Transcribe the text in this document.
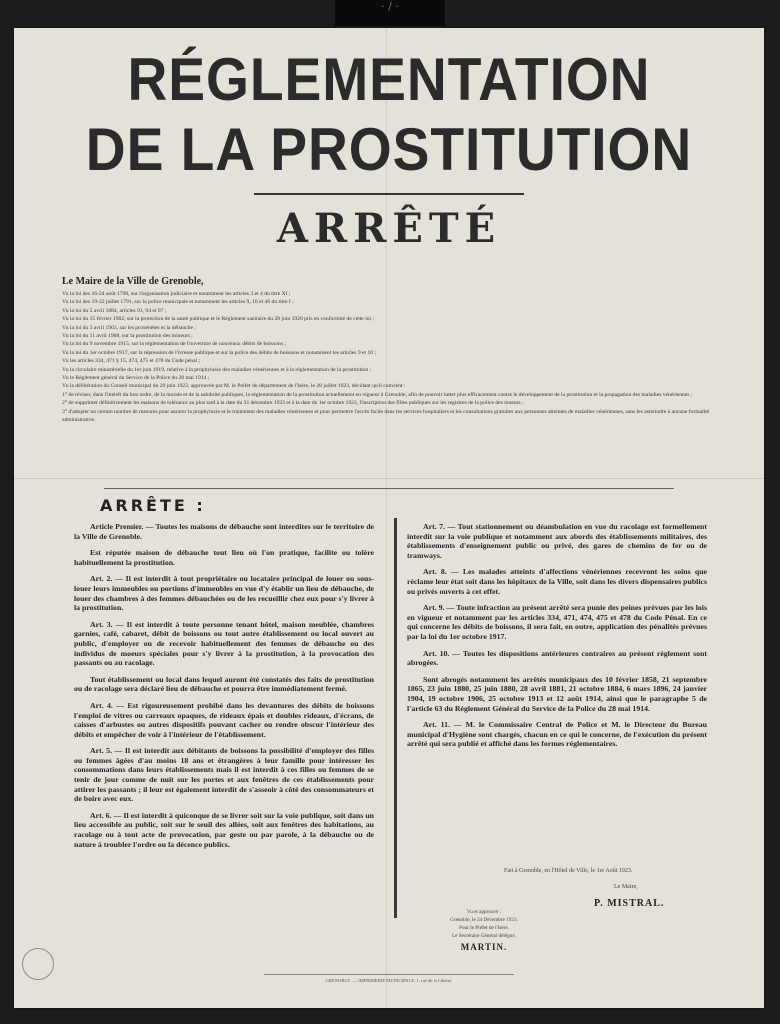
· / ·
RÉGLEMENTATION
DE LA PROSTITUTION
ARRÊTÉ
Le Maire de la Ville de Grenoble,
Vu la loi des 16-24 août 1790, sur l'organisation judiciaire et notamment les articles 3 et 4 du titre XI ;
Vu la loi des 19-22 juillet 1791, sur la police municipale et notamment les articles 9, 10 et 46 du titre I ;
Vu la loi du 5 avril 1884, articles 91, 94 et 97 ;
Vu la loi du 15 février 1902, sur la protection de la santé publique et le Règlement sanitaire du 28 juin 1920 pris en conformité de cette loi ;
Vu la loi du 3 avril 1903, sur les proxénètes et la débauche ;
Vu la loi du 11 avril 1908, sur la prostitution des mineurs ;
Vu la loi du 9 novembre 1915, sur la réglementation de l'ouverture de nouveaux débits de boissons ;
Vu la loi du 1er octobre 1917, sur la répression de l'ivresse publique et sur la police des débits de boissons et notamment les articles 9 et 10 ;
Vu les articles 334, 471 § 15, 474, 475 et 478 du Code pénal ;
Vu la circulaire ministérielle du 1er juin 1919, relative à la prophylaxie des maladies vénériennes et à la réglementation de la prostitution ;
Vu le Règlement général du Service de la Police du 28 mai 1914 ;
Vu la délibération du Conseil municipal du 29 juin 1923, approuvée par M. le Préfet du département de l'Isère, le 28 juillet 1923, décidant qu'il convient :
1° de réviser, dans l'intérêt du bon ordre, de la morale et de la salubrité publiques, la réglementation de la prostitution actuellement en vigueur à Grenoble, afin de pouvoir lutter plus efficacement contre le développement de la prostitution et la propagation des maladies vénériennes ;
2° de supprimer définitivement les maisons de tolérance au plus tard à la date du 31 décembre 1923 et à la date du 1er octobre 1923, l'inscription des filles publiques sur les registres de la police des moeurs ;
3° d'adopter un certain nombre de mesures pour assurer la prophylaxie et le traitement des maladies vénériennes et pour permettre l'accès facile dans les services hospitaliers et les consultations gratuites aux personnes atteintes de maladies vénériennes, sans les astreindre à aucune formalité administrative.
ARRÊTE :
Article Premier. — Toutes les maisons de débauche sont interdites sur le territoire de la Ville de Grenoble.
Est réputée maison de débauche tout lieu où l'on pratique, facilite ou tolère habituellement la prostitution.
Art. 2. — Il est interdit à tout propriétaire ou locataire principal de louer ou sous-louer leurs immeubles ou portions d'immeubles en vue d'y établir un lieu de débauche, de louer des chambres à des femmes débauchées ou de les recueillir chez eux pour s'y livrer à la prostitution.
Art. 3. — Il est interdit à toute personne tenant hôtel, maison meublée, chambres garnies, café, cabaret, débit de boissons ou tout autre établissement ou local ouvert au public, d'employer ou de recevoir habituellement des femmes de débauche ou des individus de moeurs spéciales pour s'y livrer à la prostitution, à la provocation des passants ou au racolage.
Tout établissement ou local dans lequel auront été constatés des faits de prostitution ou de racolage sera déclaré lieu de débauche et pourra être immédiatement fermé.
Art. 4. — Est rigoureusement prohibé dans les devantures des débits de boissons l'emploi de vitres ou carreaux opaques, de rideaux épais et doubles rideaux, d'écrans, de caisses d'arbustes ou autres dispositifs pouvant cacher ou rendre obscur l'intérieur des débits et empêcher de voir à l'intérieur de l'établissement.
Art. 5. — Il est interdit aux débitants de boissons la possibilité d'employer des filles ou femmes âgées d'au moins 18 ans et étrangères à leur famille pour intéresser les consommations dans leurs établissements mais il est interdit à ces filles ou femmes de se tenir de jour comme de nuit sur les portes et aux fenêtres de ces établissements pour attirer les passants ; il leur est également interdit de s'asseoir à côté des consommateurs et de boire avec eux.
Art. 6. — Il est interdit à quiconque de se livrer soit sur la voie publique, soit dans un lieu accessible au public, soit sur le seuil des allées, soit aux fenêtres des habitations, au racolage ou à tout acte de provocation, par geste ou par parole, à la débauche ou de nature à troubler l'ordre ou la décence publics.
Art. 7. — Tout stationnement ou déambulation en vue du racolage est formellement interdit sur la voie publique et notamment aux abords des établissements militaires, des établissements d'enseignement public ou privé, des gares de chemins de fer ou de tramways.
Art. 8. — Les malades atteints d'affections vénériennes recevront les soins que réclame leur état soit dans les hôpitaux de la Ville, soit dans les divers dispensaires publics ou privés ouverts à cet effet.
Art. 9. — Toute infraction au présent arrêté sera punie des peines prévues par les lois en vigueur et notamment par les articles 334, 471, 474, 475 et 478 du Code Pénal. En ce qui concerne les débits de boissons, il sera fait, en outre, application des pénalités prévues par la loi du 1er octobre 1917.
Art. 10. — Toutes les dispositions antérieures contraires au présent règlement sont abrogées.
Sont abrogés notamment les arrêtés municipaux des 10 février 1858, 21 septembre 1865, 23 juin 1880, 25 juin 1880, 28 avril 1881, 21 octobre 1884, 6 mars 1896, 24 janvier 1904, 19 octobre 1906, 25 octobre 1913 et 12 août 1914, ainsi que le paragraphe 5 de l'article 63 du Règlement Général du Service de la Police du 28 mai 1914.
Art. 11. — M. le Commissaire Central de Police et M. le Directeur du Bureau municipal d'Hygiène sont chargés, chacun en ce qui le concerne, de l'exécution du présent arrêté qui sera publié et affiché dans les formes réglementaires.
Fait à Grenoble, en l'Hôtel de Ville, le 1er Août 1923.
Le Maire,
P. MISTRAL.
Vu et approuvé :
Grenoble, le 24 Décembre 1923.
Pour le Préfet de l'Isère,
Le Secrétaire Général délégué,
MARTIN.
GRENOBLE. — IMPRIMERIE MUNICIPALE, 1, rue de la Liberté.
